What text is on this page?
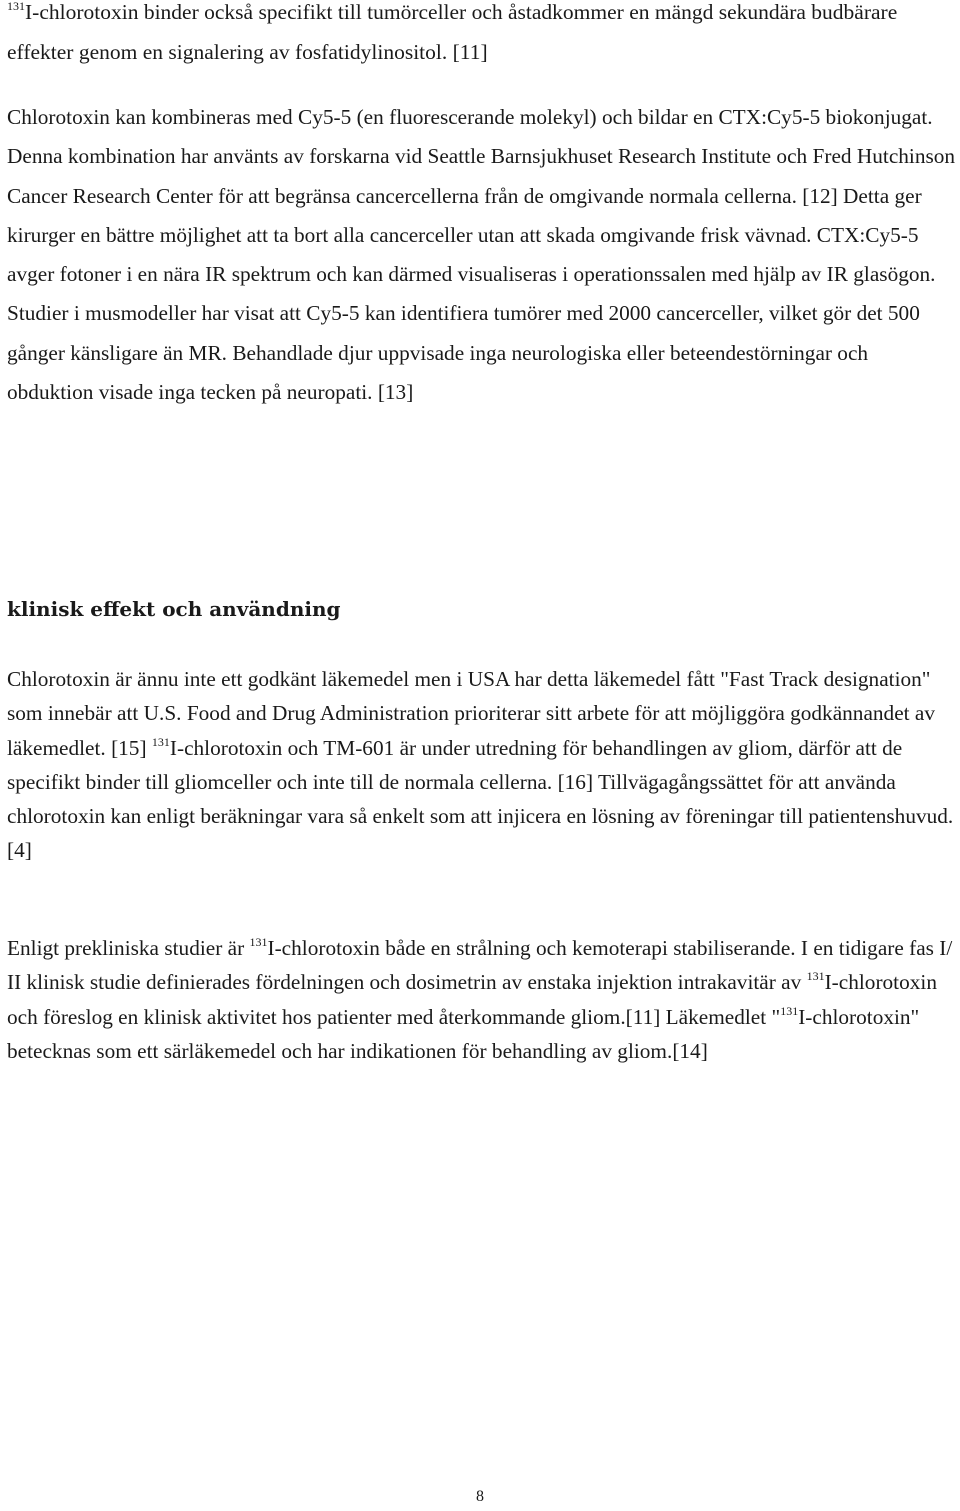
$^{131}$I-chlorotoxin binder också specifikt till tumörceller och åstadkommer en mängd sekundära budbärare effekter genom en signalering av fosfatidylinositol. [11]

Chlorotoxin kan kombineras med Cy5-5 (en fluorescerande molekyl) och bildar en CTX:Cy5-5 biokonjugat. Denna kombination har använts av forskarna vid Seattle Barnsjukhuset Research Institute och Fred Hutchinson Cancer Research Center för att begränsa cancercellerna från de omgivande normala cellerna. [12] Detta ger kirurger en bättre möjlighet att ta bort alla cancerceller utan att skada omgivande frisk vävnad. CTX:Cy5-5 avger fotoner i en nära IR spektrum och kan därmed visualiseras i operationssalen med hjälp av IR glasögon. Studier i musmodeller har visat att Cy5-5 kan identifiera tumörer med 2000 cancerceller, vilket gör det 500 gånger känsligare än MR. Behandlade djur uppvisade inga neurologiska eller beteendestörningar och obduktion visade inga tecken på neuropati. [13]

klinisk effekt och användning

Chlorotoxin är ännu inte ett godkänt läkemedel men i USA har detta läkemedel fått "Fast Track designation" som innebär att U.S. Food and Drug Administration prioriterar sitt arbete för att möjliggöra godkännandet av läkemedlet. [15] $^{131}$I-chlorotoxin och TM-601 är under utredning för behandlingen av gliom, därför att de specifikt binder till gliomceller och inte till de normala cellerna. [16] Tillvägagångssättet för att använda chlorotoxin kan enligt beräkningar vara så enkelt som att injicera en lösning av föreningar till patientenshuvud. [4]

Enligt prekliniska studier är $^{131}$I-chlorotoxin både en strålning och kemoterapi stabiliserande. I en tidigare fas I/ II klinisk studie definierades fördelningen och dosimetrin av enstaka injektion intrakavitär av $^{131}$I-chlorotoxin och föreslog en klinisk aktivitet hos patienter med återkommande gliom.[11] Läkemedlet "$^{131}$I-chlorotoxin" betecknas som ett särläkemedel och har indikationen för behandling av gliom.[14]

8
